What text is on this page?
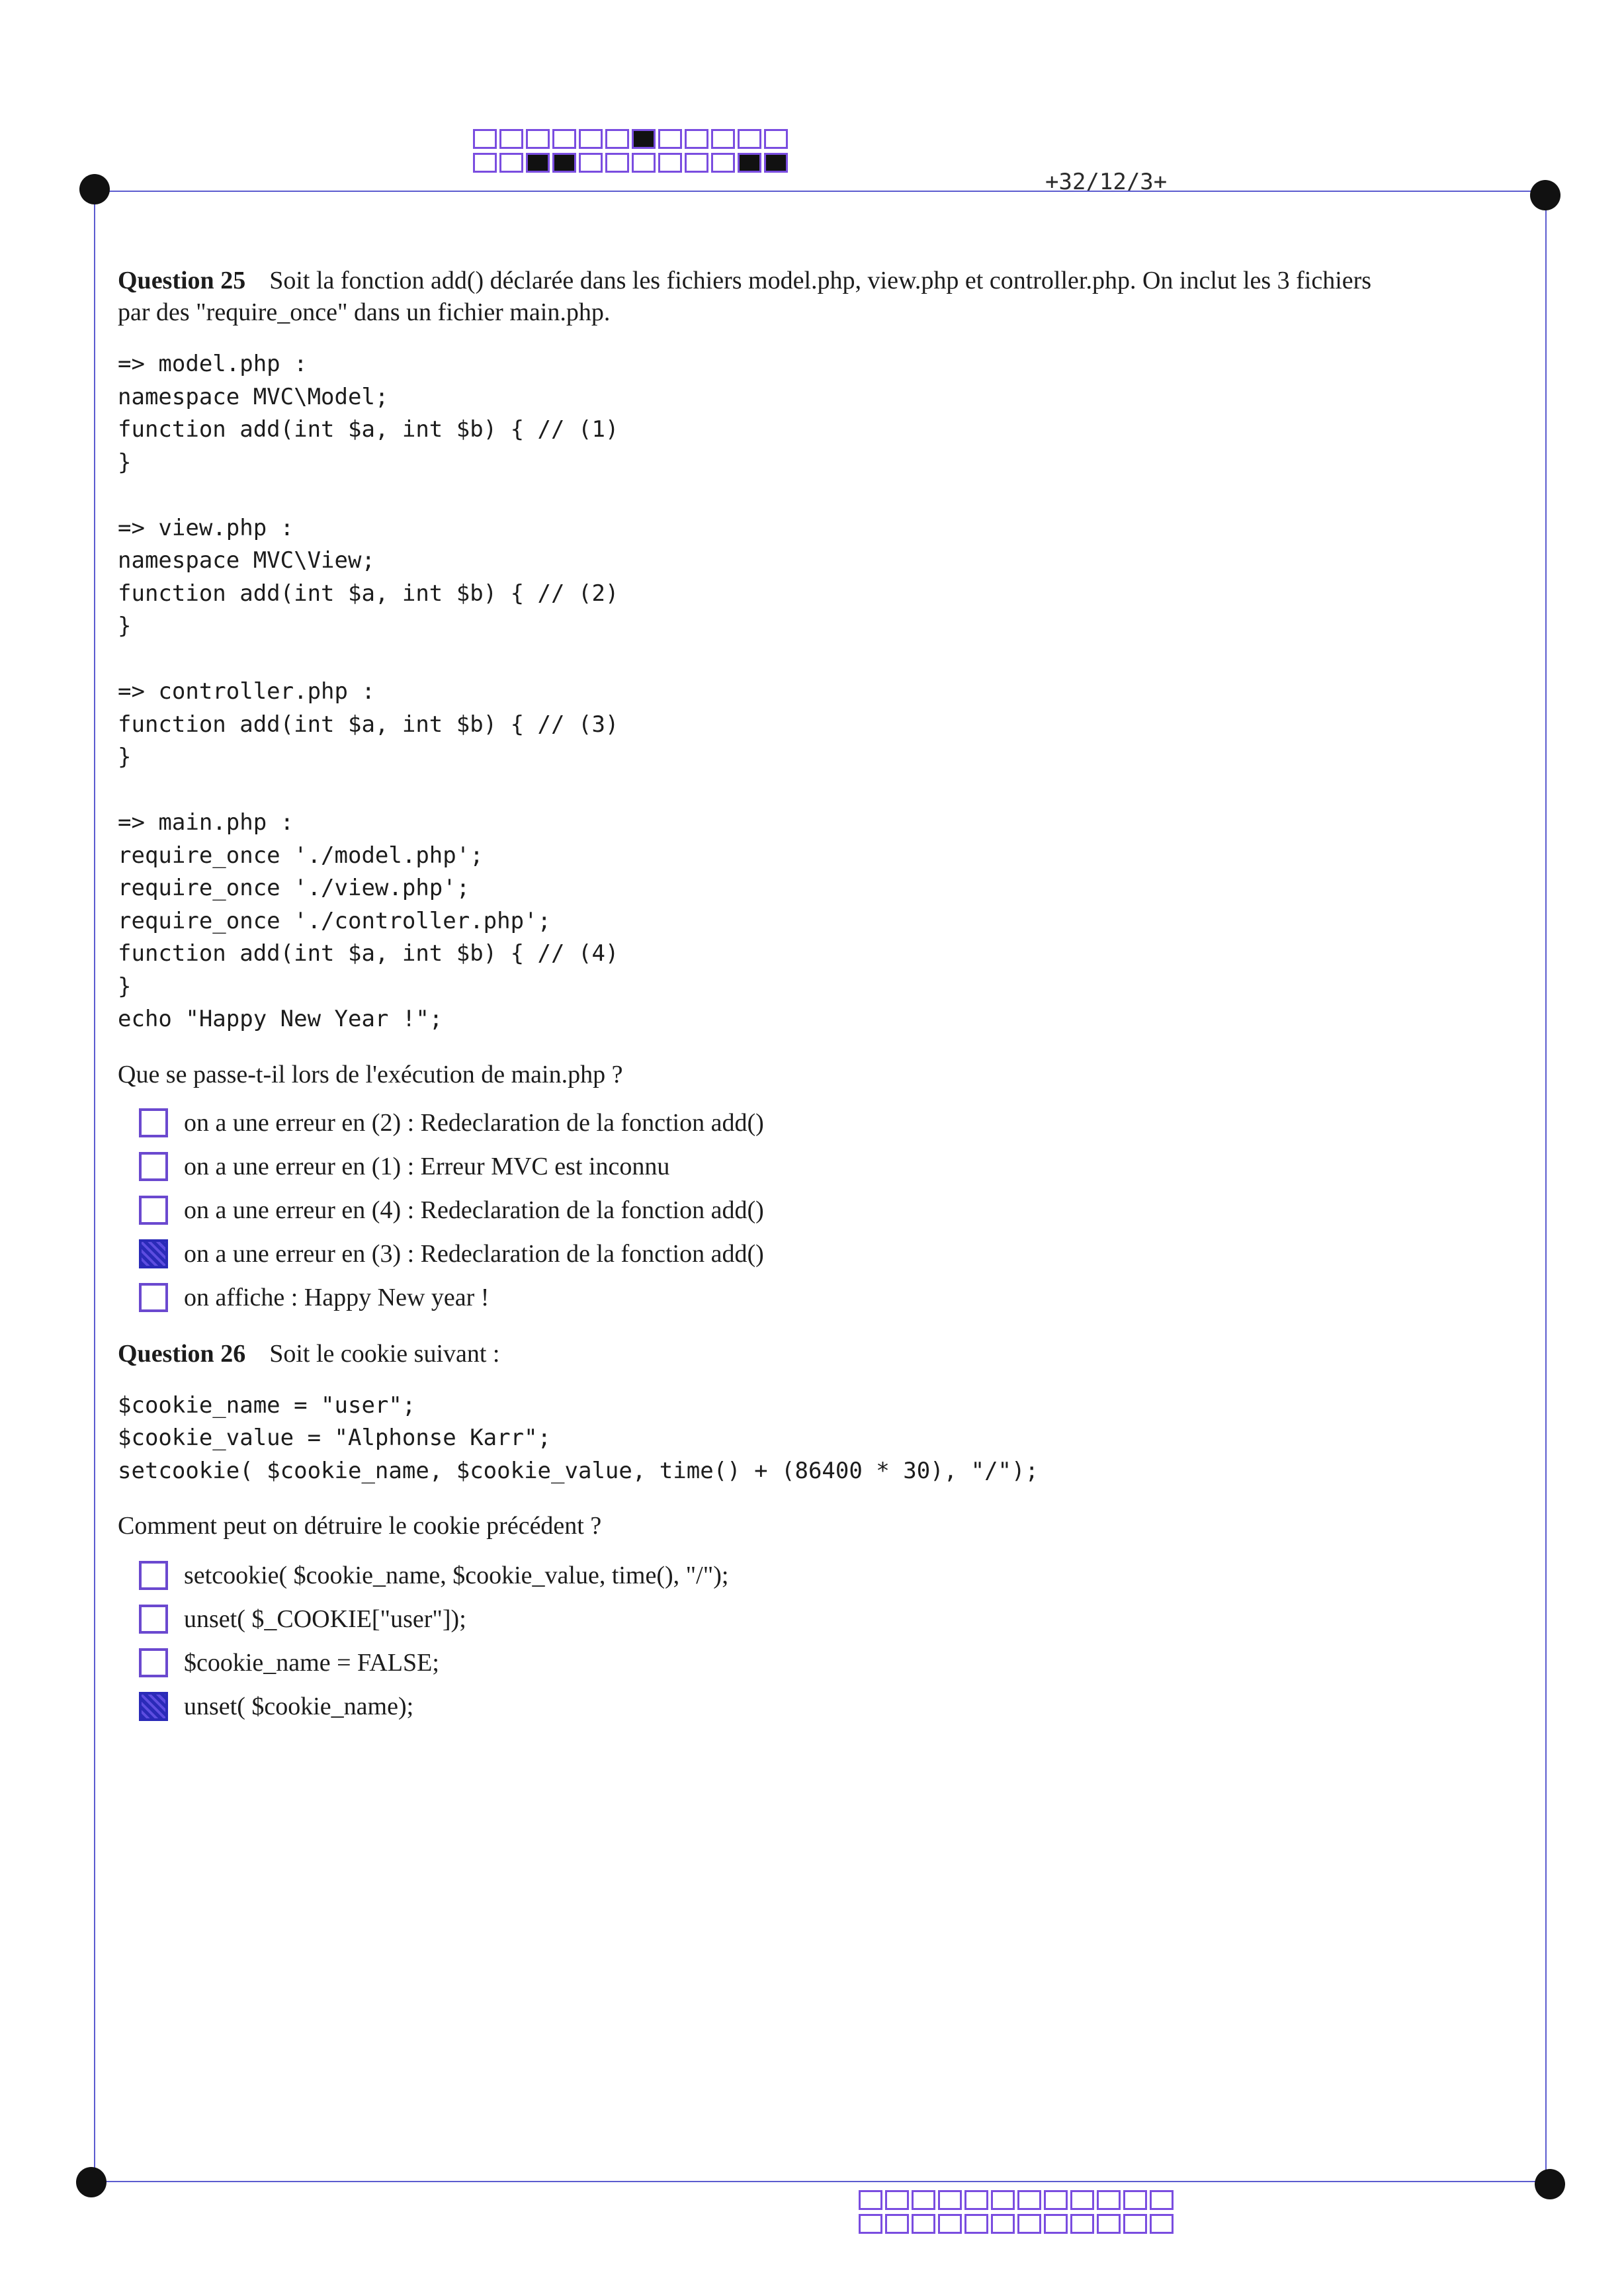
+32/12/3+
Question 25 Soit la fonction add() déclarée dans les fichiers model.php, view.php et controller.php. On inclut les 3 fichiers
par des "require_once" dans un fichier main.php.
=> model.php :
namespace MVC\Model;
function add(int $a, int $b) { // (1)
}
=> view.php :
namespace MVC\View;
function add(int $a, int $b) { // (2)
}
=> controller.php :
function add(int $a, int $b) { // (3)
}
=> main.php :
require_once './model.php';
require_once './view.php';
require_once './controller.php';
function add(int $a, int $b) { // (4)
}
echo "Happy New Year !";
Que se passe-t-il lors de l'exécution de main.php ?
on a une erreur en (2) : Redeclaration de la fonction add()
on a une erreur en (1) : Erreur MVC est inconnu
on a une erreur en (4) : Redeclaration de la fonction add()
on a une erreur en (3) : Redeclaration de la fonction add()
on affiche : Happy New year !
Question 26 Soit le cookie suivant :
$cookie_name = "user";
$cookie_value = "Alphonse Karr";
setcookie( $cookie_name, $cookie_value, time() + (86400 * 30), "/");
Comment peut on détruire le cookie précédent ?
setcookie( $cookie_name, $cookie_value, time(), "/");
unset( $_COOKIE["user"]);
$cookie_name = FALSE;
unset( $cookie_name);
